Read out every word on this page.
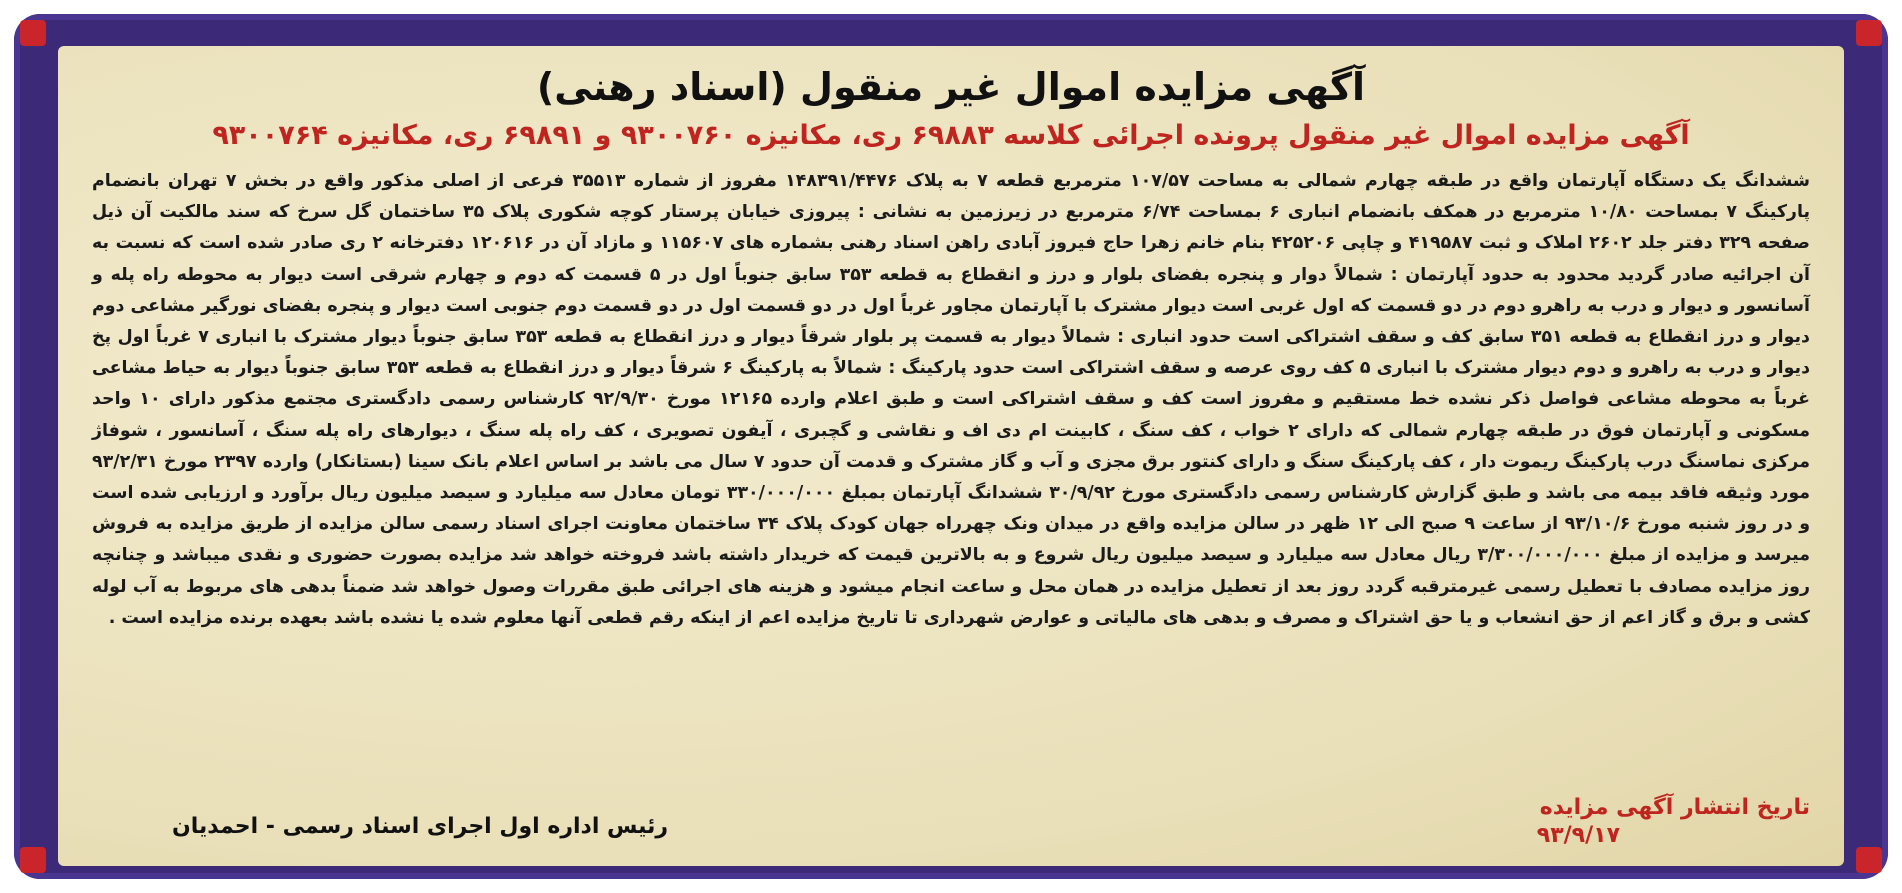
آگهی مزایده اموال غیر منقول (اسناد رهنی)
آگهی مزایده اموال غیر منقول پرونده اجرائی کلاسه ۶۹۸۸۳ ری، مکانیزه ۹۳۰۰۷۶۰ و ۶۹۸۹۱ ری، مکانیزه ۹۳۰۰۷۶۴

ششدانگ یک دستگاه آپارتمان واقع در طبقه چهارم شمالی به مساحت ۱۰۷/۵۷ مترمربع قطعه ۷ به پلاک ۱۴۸۳۹۱/۴۴۷۶ مفروز از شماره ۳۵۵۱۳ فرعی از اصلی مذکور واقع در بخش ۷ تهران بانضمام پارکینگ ۷ بمساحت ۱۰/۸۰ مترمربع در همکف بانضمام انباری ۶ بمساحت ۶/۷۴ مترمربع در زیرزمین به نشانی : پیروزی خیابان پرستار کوچه شکوری پلاک ۳۵ ساختمان گل سرخ که سند مالکیت آن ذیل صفحه ۳۲۹ دفتر جلد ۲۶۰۲ املاک و ثبت ۴۱۹۵۸۷ و چاپی ۴۲۵۲۰۶ بنام خانم زهرا حاج فیروز آبادی راهن اسناد رهنی بشماره های ۱۱۵۶۰۷ و مازاد آن در ۱۲۰۶۱۶ دفترخانه ۲ ری صادر شده است که نسبت به آن اجرائیه صادر گردید محدود به حدود آپارتمان : شمالاً دوار و پنجره بفضای بلوار و درز و انقطاع به قطعه ۳۵۳ سابق جنوباً اول در ۵ قسمت که دوم و چهارم شرقی است دیوار به محوطه راه پله و آسانسور و دیوار و درب به راهرو دوم در دو قسمت که اول غربی است دیوار مشترک با آپارتمان مجاور غرباً اول در دو قسمت اول در دو قسمت دوم جنوبی است دیوار و پنجره بفضای نورگیر مشاعی دوم دیوار و درز انقطاع به قطعه ۳۵۱ سابق کف و سقف اشتراکی است حدود انباری : شمالاً دیوار به قسمت پر بلوار شرقاً دیوار و درز انقطاع به قطعه ۳۵۳ سابق جنوباً دیوار مشترک با انباری ۷ غرباً اول پخ دیوار و درب به راهرو و دوم دیوار مشترک با انباری ۵ کف روی عرصه و سقف اشتراکی است حدود پارکینگ : شمالاً به پارکینگ ۶ شرقاً دیوار و درز انقطاع به قطعه ۳۵۳ سابق جنوباً دیوار به حیاط مشاعی غرباً به محوطه مشاعی فواصل ذکر نشده خط مستقیم و مفروز است کف و سقف اشتراکی است و طبق اعلام وارده ۱۲۱۶۵ مورخ ۹۲/۹/۳۰ کارشناس رسمی دادگستری مجتمع مذکور دارای ۱۰ واحد مسکونی و آپارتمان فوق در طبقه چهارم شمالی که دارای ۲ خواب ، کف سنگ ، کابینت ام دی اف و نقاشی و گچبری ، آیفون تصویری ، کف راه پله سنگ ، دیوارهای راه پله سنگ ، آسانسور ، شوفاژ مرکزی نماسنگ درب پارکینگ ریموت دار ، کف پارکینگ سنگ و دارای کنتور برق مجزی و آب و گاز مشترک و قدمت آن حدود ۷ سال می باشد بر اساس اعلام بانک سینا (بستانکار) وارده ۲۳۹۷ مورخ ۹۳/۲/۳۱ مورد وثیقه فاقد بیمه می باشد و طبق گزارش کارشناس رسمی دادگستری مورخ ۳۰/۹/۹۲ ششدانگ آپارتمان بمبلغ ۳۳۰/۰۰۰/۰۰۰ تومان معادل سه میلیارد و سیصد میلیون ریال برآورد و ارزیابی شده است و در روز شنبه مورخ ۹۳/۱۰/۶ از ساعت ۹ صبح الی ۱۲ ظهر در سالن مزایده واقع در میدان ونک چهرراه جهان کودک پلاک ۳۴ ساختمان معاونت اجرای اسناد رسمی سالن مزایده از طریق مزایده به فروش میرسد و مزایده از مبلغ ۳/۳۰۰/۰۰۰/۰۰۰ ریال معادل سه میلیارد و سیصد میلیون ریال شروع و به بالاترین قیمت که خریدار داشته باشد فروخته خواهد شد مزایده بصورت حضوری و نقدی میباشد و چنانچه روز مزایده مصادف با تعطیل رسمی غیرمترقبه گردد روز بعد از تعطیل مزایده در همان محل و ساعت انجام میشود و هزینه های اجرائی طبق مقررات وصول خواهد شد ضمناً بدهی های مربوط به آب لوله کشی و برق و گاز اعم از حق انشعاب و یا حق اشتراک و مصرف و بدهی های مالیاتی و عوارض شهرداری تا تاریخ مزایده اعم از اینکه رقم قطعی آنها معلوم شده یا نشده باشد بعهده برنده مزایده است .

تاریخ انتشار آگهی مزایده
۹۳/۹/۱۷
رئیس اداره اول اجرای اسناد رسمی - احمدیان
